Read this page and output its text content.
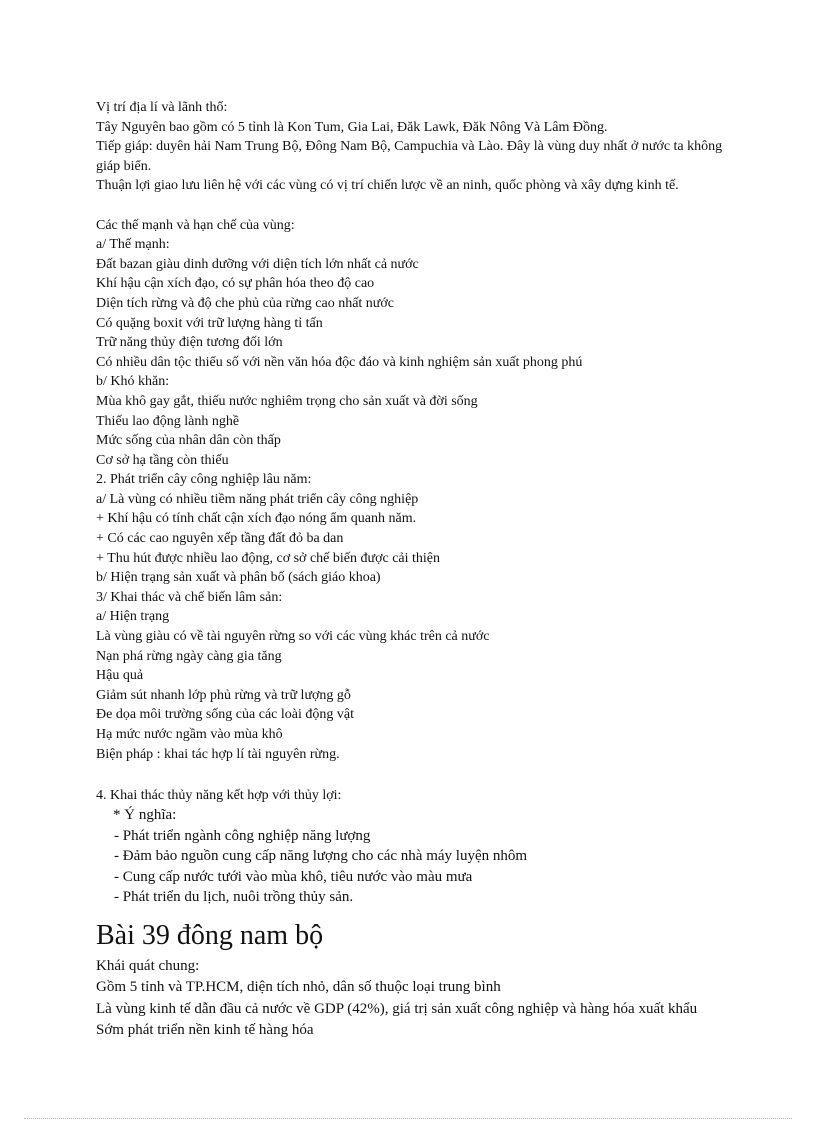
Vị trí địa lí và lãnh thổ:
Tây Nguyên bao gồm có 5 tỉnh là Kon Tum, Gia Lai, Đăk Lawk, Đăk Nông Và Lâm Đồng.
Tiếp giáp: duyên hải Nam Trung Bộ, Đông Nam Bộ, Campuchia và Lào. Đây là vùng duy nhất ở nước ta không giáp biển.
Thuận lợi giao lưu liên hệ với các vùng có vị trí chiến lược về an ninh, quốc phòng và xây dựng kinh tế.
Các thế mạnh và hạn chế của vùng:
a/ Thế mạnh:
Đất bazan giàu dinh dưỡng với diện tích lớn nhất cả nước
Khí hậu cận xích đạo, có sự phân hóa theo độ cao
Diện tích rừng và độ che phủ của rừng cao nhất nước
Có quặng boxit với trữ lượng hàng tỉ tấn
Trữ năng thủy điện tương đối lớn
Có nhiều dân tộc thiểu số với nền văn hóa độc đáo và kinh nghiệm sản xuất phong phú
b/ Khó khăn:
Mùa khô gay gắt, thiếu nước nghiêm trọng cho sản xuất và đời sống
Thiếu lao động lành nghề
Mức sống của nhân dân còn thấp
Cơ sở hạ tầng còn thiếu
2. Phát triển cây công nghiệp lâu năm:
a/ Là vùng có nhiều tiềm năng phát triển cây công nghiệp
+ Khí hậu có tính chất cận xích đạo nóng ẩm quanh năm.
+ Có các cao nguyên xếp tầng đất đỏ ba dan
+ Thu hút được nhiều lao động, cơ sở chế biến được cải thiện
b/ Hiện trạng sản xuất và phân bố (sách giáo khoa)
3/ Khai thác và chế biến lâm sản:
a/ Hiện trạng
Là vùng giàu có về tài nguyên rừng so với các vùng khác trên cả nước
Nạn phá rừng ngày càng gia tăng
Hậu quả
Giảm sút nhanh lớp phủ rừng và trữ lượng gỗ
Đe dọa môi trường sống của các loài động vật
Hạ mức nước ngầm vào mùa khô
Biện pháp : khai tác hợp lí tài nguyên rừng.
4. Khai thác thủy năng kết hợp với thủy lợi:
* Ý nghĩa:
- Phát triển ngành công nghiệp năng lượng
- Đảm bảo nguồn cung cấp năng lượng cho các nhà máy luyện nhôm
- Cung cấp nước tưới vào mùa khô, tiêu nước vào màu mưa
- Phát triển du lịch, nuôi trồng thủy sản.
Bài 39 đông nam bộ
Khái quát chung:
Gồm 5 tỉnh và TP.HCM, diện tích nhỏ, dân số thuộc loại trung bình
Là vùng kinh tế dẫn đầu cả nước về GDP (42%), giá trị sản xuất công nghiệp và hàng hóa xuất khẩu
Sớm phát triển nền kinh tế hàng hóa
